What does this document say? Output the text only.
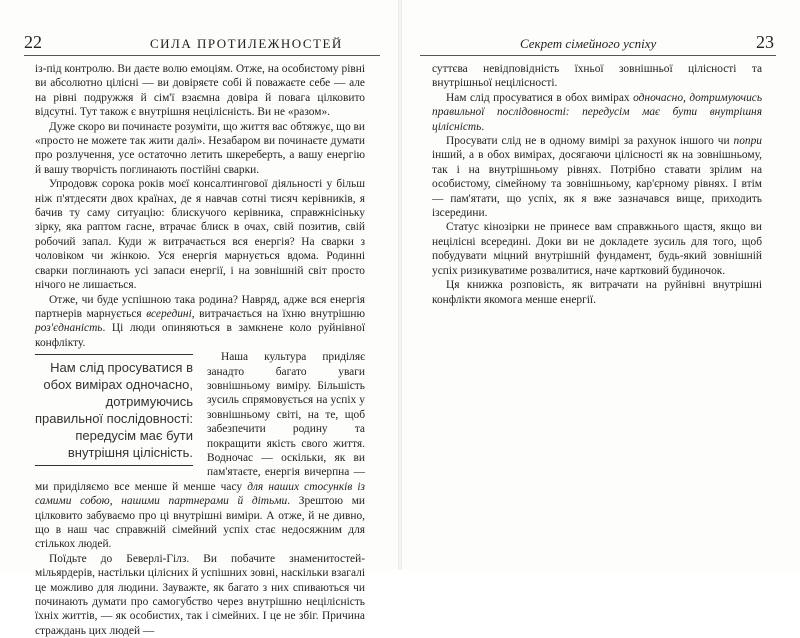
22	СИЛА ПРОТИЛЕЖНОСТЕЙ

із-під контролю. Ви даєте волю емоціям. Отже, на особистому рівні ви абсолютно цілісні — ви довіряєте собі й поважаєте себе — але на рівні подружжя й сім'ї взаємна довіра й повага цілковито відсутні. Тут також є внутрішня нецілісність. Ви не «разом».

Дуже скоро ви починаєте розуміти, що життя вас обтяжує, що ви «просто не можете так жити далі». Незабаром ви починаєте думати про розлучення, усе остаточно летить шкереберть, а вашу енергію й вашу творчість поглинають постійні сварки.

Упродовж сорока років моєї консалтингової діяльності у більш ніж п'ятдесяти двох країнах, де я навчав сотні тисяч керівників, я бачив ту саму ситуацію: блискучого керівника, справжнісіньку зірку, яка раптом гасне, втрачає блиск в очах, свій позитив, свій робочий запал. Куди ж витрачається вся енергія? На сварки з чоловіком чи жінкою. Уся енергія марнується вдома. Родинні сварки поглинають усі запаси енергії, і на зовнішній світ просто нічого не лишається.

Отже, чи буде успішною така родина? Навряд, адже вся енергія партнерів марнується всередині, витрачається на їхню внутрішню роз'єднаність. Ці люди опиняються в замкнене коло руйнівної конфлікту.

Нам слід просуватися в обох вимірах одночасно, дотримуючись правильної послідовності: передусім має бути внутрішня цілісність.

Наша культура приділяє занадто багато уваги зовнішньому виміру. Більшість зусиль спрямовується на успіх у зовнішньому світі, на те, щоб забезпечити родину та покращити якість свого життя. Водночас — оскільки, як ви пам'ятаєте, енергія вичерпна — ми приділяємо все менше й менше часу для наших стосунків із самими собою, нашими партнерами й дітьми. Зрештою ми цілковито забуваємо про ці внутрішні виміри. А отже, й не дивно, що в наш час справжній сімейний успіх стає недосяжним для стількох людей.

Поїдьте до Беверлі-Гілз. Ви побачите знаменитостей-мільярдерів, настільки цілісних й успішних зовні, наскільки взагалі це можливо для людини. Зауважте, як багато з них спиваються чи починають думати про самогубство через внутрішню нецілісність їхніх життів, — як особистих, так і сімейних. І це не збіг. Причина страждань цих людей —

Секрет сімейного успіху	23

суттєва невідповідність їхньої зовнішньої цілісності та внутрішньої нецілісності.

Нам слід просуватися в обох вимірах одночасно, дотримуючись правильної послідовності: передусім має бути внутрішня цілісність.

Просувати слід не в одному вимірі за рахунок іншого чи попри інший, а в обох вимірах, досягаючи цілісності як на зовнішньому, так і на внутрішньому рівнях. Потрібно ставати зрілим на особистому, сімейному та зовнішньому, кар'єрному рівнях. І втім — пам'ятати, що успіх, як я вже зазначався вище, приходить ізсередини.

Статус кінозірки не принесе вам справжнього щастя, якщо ви нецілісні всередині. Доки ви не докладете зусиль для того, щоб побудувати міцний внутрішній фундамент, будь-який зовнішній успіх ризикуватиме розвалитися, наче картковий будиночок.

Ця книжка розповість, як витрачати на руйнівні внутрішні конфлікти якомога менше енергії.
